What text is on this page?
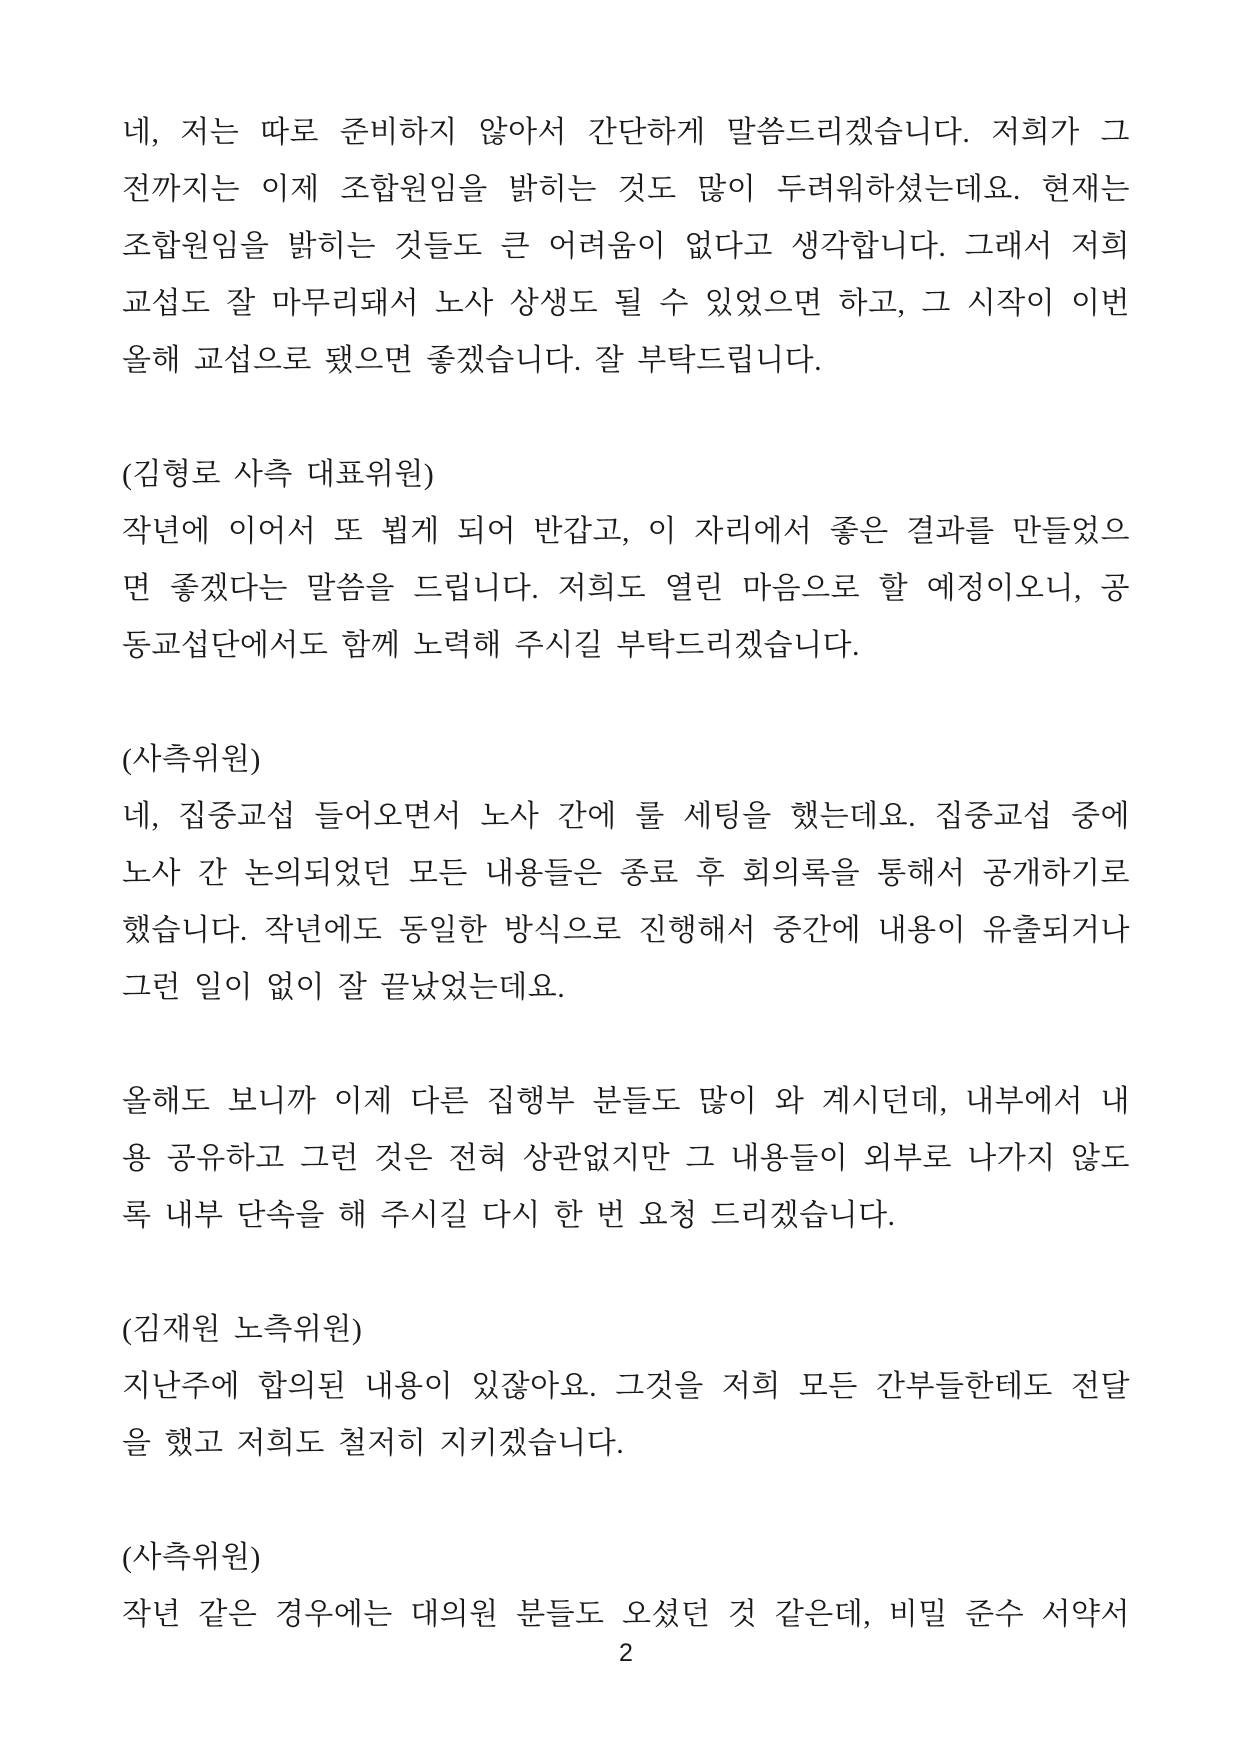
네, 저는 따로 준비하지 않아서 간단하게 말씀드리겠습니다. 저희가 그
전까지는 이제 조합원임을 밝히는 것도 많이 두려워하셨는데요. 현재는
조합원임을 밝히는 것들도 큰 어려움이 없다고 생각합니다. 그래서 저희
교섭도 잘 마무리돼서 노사 상생도 될 수 있었으면 하고, 그 시작이 이번
올해 교섭으로 됐으면 좋겠습니다. 잘 부탁드립니다.
(김형로 사측 대표위원)
작년에 이어서 또 뵙게 되어 반갑고, 이 자리에서 좋은 결과를 만들었으
면 좋겠다는 말씀을 드립니다. 저희도 열린 마음으로 할 예정이오니, 공
동교섭단에서도 함께 노력해 주시길 부탁드리겠습니다.
(사측위원)
네, 집중교섭 들어오면서 노사 간에 룰 세팅을 했는데요. 집중교섭 중에
노사 간 논의되었던 모든 내용들은 종료 후 회의록을 통해서 공개하기로
했습니다. 작년에도 동일한 방식으로 진행해서 중간에 내용이 유출되거나
그런 일이 없이 잘 끝났었는데요.
올해도 보니까 이제 다른 집행부 분들도 많이 와 계시던데, 내부에서 내
용 공유하고 그런 것은 전혀 상관없지만 그 내용들이 외부로 나가지 않도
록 내부 단속을 해 주시길 다시 한 번 요청 드리겠습니다.
(김재원 노측위원)
지난주에 합의된 내용이 있잖아요. 그것을 저희 모든 간부들한테도 전달
을 했고 저희도 철저히 지키겠습니다.
(사측위원)
작년 같은 경우에는 대의원 분들도 오셨던 것 같은데, 비밀 준수 서약서
2
